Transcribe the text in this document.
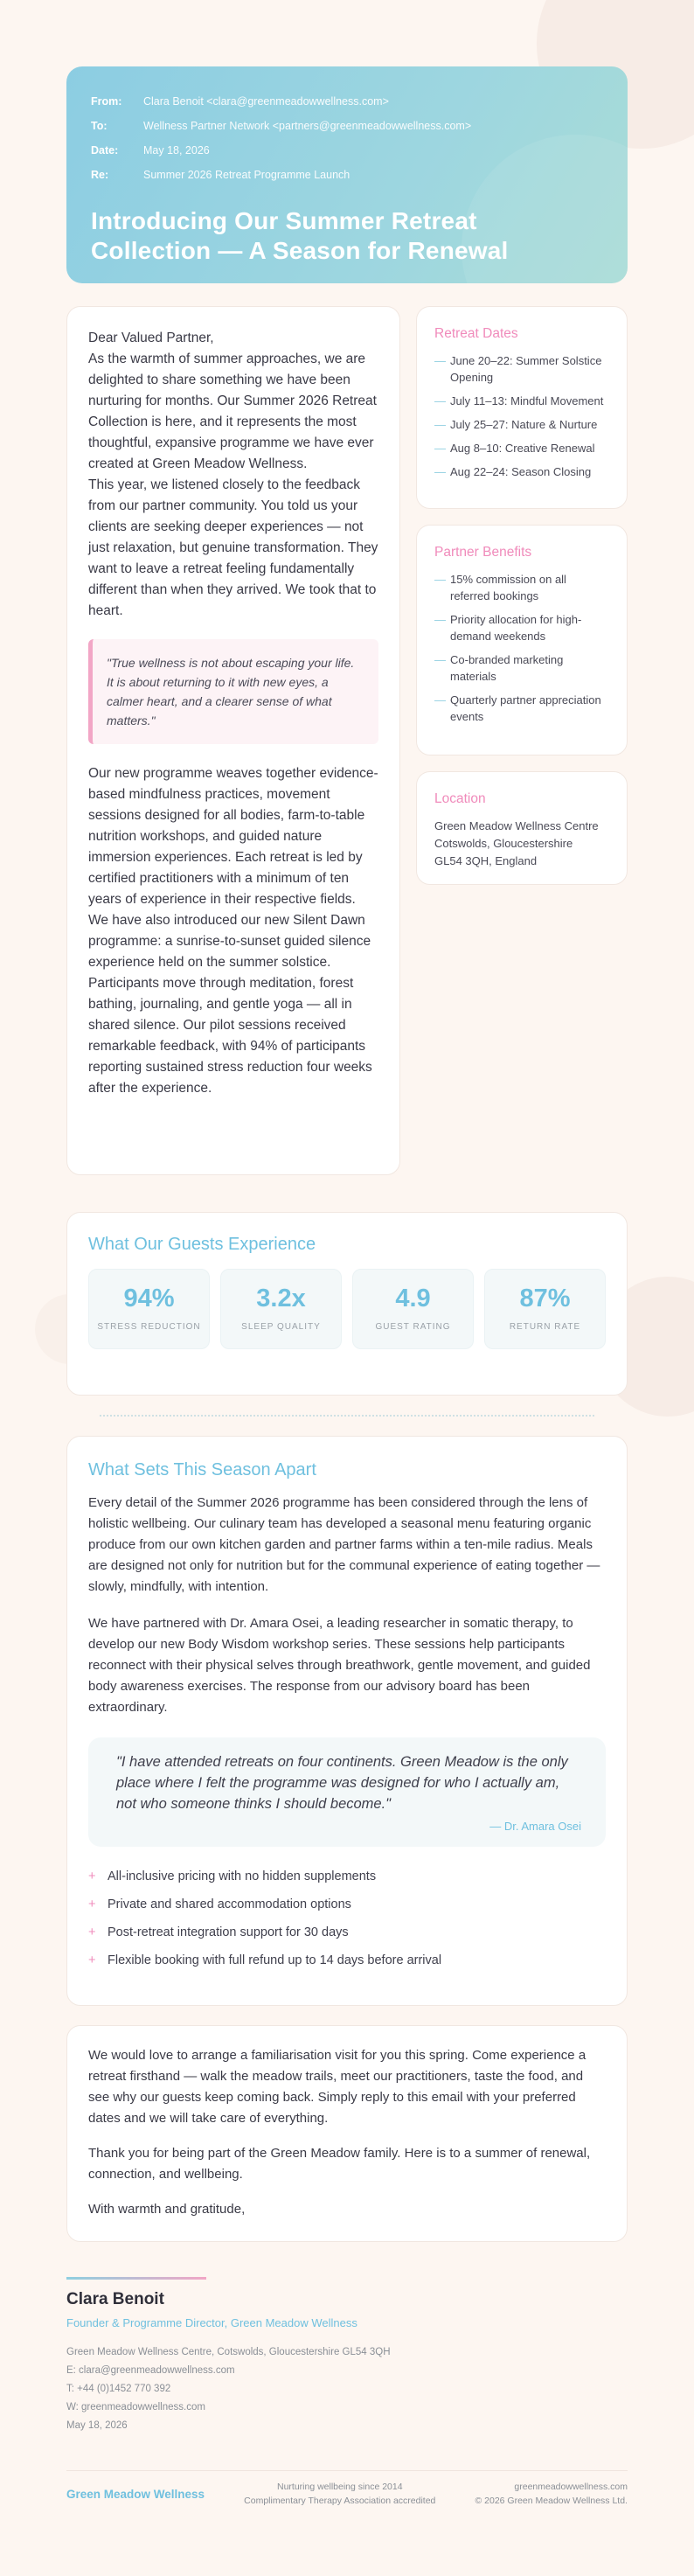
From:	Clara Benoit <clara@greenmeadowwellness.com>
To:	Wellness Partner Network <partners@greenmeadowwellness.com>
Date:	May 18, 2026
Re:	Summer 2026 Retreat Programme Launch
Introducing Our Summer Retreat Collection — A Season for Renewal

Dear Valued Partner,

As the warmth of summer approaches, we are delighted to share something we have been nurturing for months. Our Summer 2026 Retreat Collection is here, and it represents the most thoughtful, expansive programme we have ever created at Green Meadow Wellness.

This year, we listened closely to the feedback from our partner community. You told us your clients are seeking deeper experiences — not just relaxation, but genuine transformation. They want to leave a retreat feeling fundamentally different than when they arrived. We took that to heart.

"True wellness is not about escaping your life. It is about returning to it with new eyes, a calmer heart, and a clearer sense of what matters."

Our new programme weaves together evidence-based mindfulness practices, movement sessions designed for all bodies, farm-to-table nutrition workshops, and guided nature immersion experiences. Each retreat is led by certified practitioners with a minimum of ten years of experience in their respective fields.

We have also introduced our new Silent Dawn programme: a sunrise-to-sunset guided silence experience held on the summer solstice. Participants move through meditation, forest bathing, journaling, and gentle yoga — all in shared silence. Our pilot sessions received remarkable feedback, with 94% of participants reporting sustained stress reduction four weeks after the experience.

Retreat Dates
— June 20–22: Summer Solstice Opening
— July 11–13: Mindful Movement
— July 25–27: Nature & Nurture
— Aug 8–10: Creative Renewal
— Aug 22–24: Season Closing
Partner Benefits
— 15% commission on all referred bookings
— Priority allocation for high-demand weekends
— Co-branded marketing materials
— Quarterly partner appreciation events
Location
Green Meadow Wellness Centre
Cotswolds, Gloucestershire
GL54 3QH, England
What Our Guests Experience
94%
STRESS REDUCTION
3.2x
SLEEP QUALITY
4.9
GUEST RATING
87%
RETURN RATE
What Sets This Season Apart

Every detail of the Summer 2026 programme has been considered through the lens of holistic wellbeing. Our culinary team has developed a seasonal menu featuring organic produce from our own kitchen garden and partner farms within a ten-mile radius. Meals are designed not only for nutrition but for the communal experience of eating together — slowly, mindfully, with intention.

We have partnered with Dr. Amara Osei, a leading researcher in somatic therapy, to develop our new Body Wisdom workshop series. These sessions help participants reconnect with their physical selves through breathwork, gentle movement, and guided body awareness exercises. The response from our advisory board has been extraordinary.

"I have attended retreats on four continents. Green Meadow is the only place where I felt the programme was designed for who I actually am, not who someone thinks I should become."
— Dr. Amara Osei
+ All-inclusive pricing with no hidden supplements
+ Private and shared accommodation options
+ Post-retreat integration support for 30 days
+ Flexible booking with full refund up to 14 days before arrival

We would love to arrange a familiarisation visit for you this spring. Come experience a retreat firsthand — walk the meadow trails, meet our practitioners, taste the food, and see why our guests keep coming back. Simply reply to this email with your preferred dates and we will take care of everything.

Thank you for being part of the Green Meadow family. Here is to a summer of renewal, connection, and wellbeing.

With warmth and gratitude,

Clara Benoit
Founder & Programme Director, Green Meadow Wellness
Green Meadow Wellness Centre, Cotswolds, Gloucestershire GL54 3QH
E: clara@greenmeadowwellness.com
T: +44 (0)1452 770 392
W: greenmeadowwellness.com
May 18, 2026
Green Meadow Wellness
Nurturing wellbeing since 2014
Complimentary Therapy Association accredited
greenmeadowwellness.com
© 2026 Green Meadow Wellness Ltd.
